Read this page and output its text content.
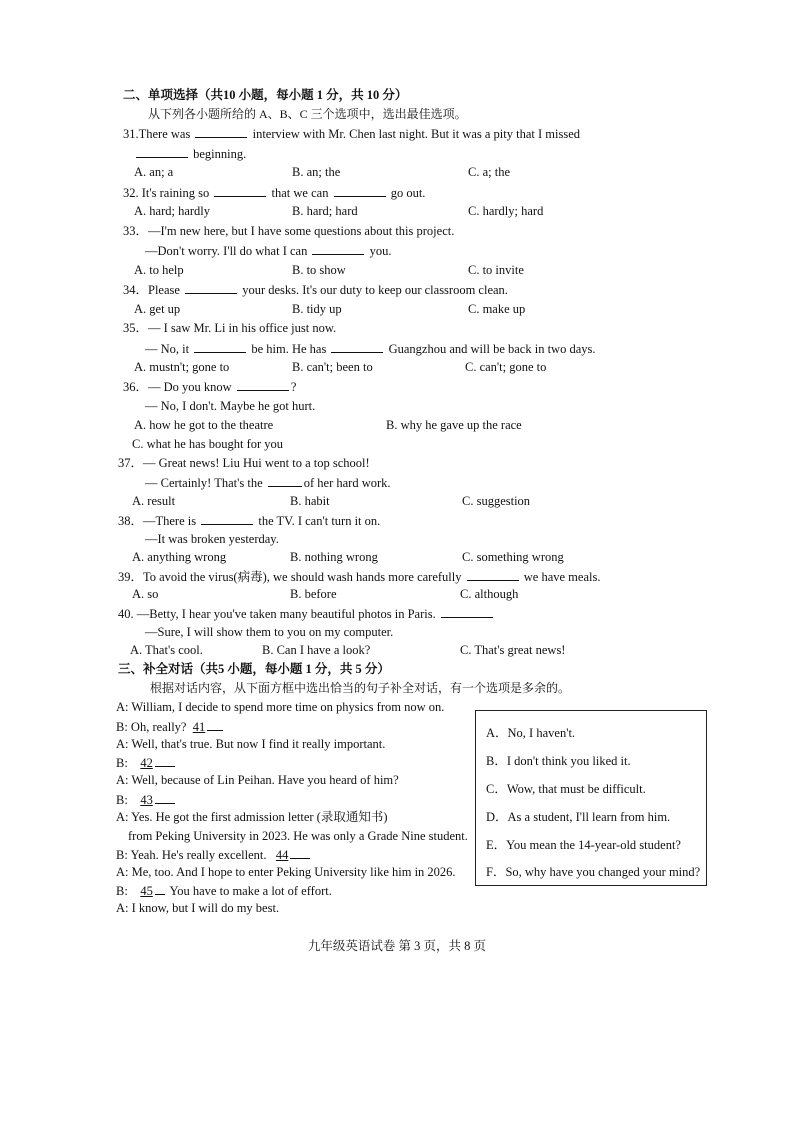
二、单项选择（共10 小题，每小题 1 分，共 10 分）
从下列各小题所给的 A、B、C 三个选项中，选出最佳选项。
31.There was	interview with Mr. Chen last night. But it was a pity that I missed
beginning.
A. an; a	B. an; the	C. a; the
32. It's raining so	that we can	go out.
A. hard; hardly	B. hard; hard	C. hardly; hard
33．—I'm new here, but I have some questions about this project.
—Don't worry. I'll do what I can	you.
A. to help	B. to show	C. to invite
34．Please	your desks. It's our duty to keep our classroom clean.
A. get up	B. tidy up	C. make up
35．— I saw Mr. Li in his office just now.
— No, it	be him. He has	Guangzhou and will be back in two days.
A. mustn't; gone to	B. can't; been to	C. can't; gone to
36．— Do you know	?
— No, I don't. Maybe he got hurt.
A. how he got to the theatre	B. why he gave up the race
C. what he has bought for you
37．— Great news! Liu Hui went to a top school!
— Certainly! That's the	of her hard work.
A. result	B. habit	C. suggestion
38．—There is	the TV. I can't turn it on.
—It was broken yesterday.
A. anything wrong	B. nothing wrong	C. something wrong
39．To avoid the virus(病毒), we should wash hands more carefully	we have meals.
A. so	B. before	C. although
40. —Betty, I hear you've taken many beautiful photos in Paris.
—Sure, I will show them to you on my computer.
A. That's cool.	B. Can I have a look?	C. That's great news!
三、补全对话（共5 小题，每小题 1 分，共 5 分）
根据对话内容，从下面方框中选出恰当的句子补全对话，有一个选项是多余的。
A: William, I decide to spend more time on physics from now on.
B: Oh, really? 41
A: Well, that's true. But now I find it really important.
B: 42
A: Well, because of Lin Peihan. Have you heard of him?
B: 43
A: Yes. He got the first admission letter (录取通知书)
from Peking University in 2023. He was only a Grade Nine student.
B: Yeah. He's really excellent. 44
A: Me, too. And I hope to enter Peking University like him in 2026.
B: 45 You have to make a lot of effort.
A: I know, but I will do my best.
A．No, I haven't.
B．I don't think you liked it.
C．Wow, that must be difficult.
D．As a student, I'll learn from him.
E．You mean the 14-year-old student?
F．So, why have you changed your mind?
九年级英语试卷 第 3 页，共 8 页
